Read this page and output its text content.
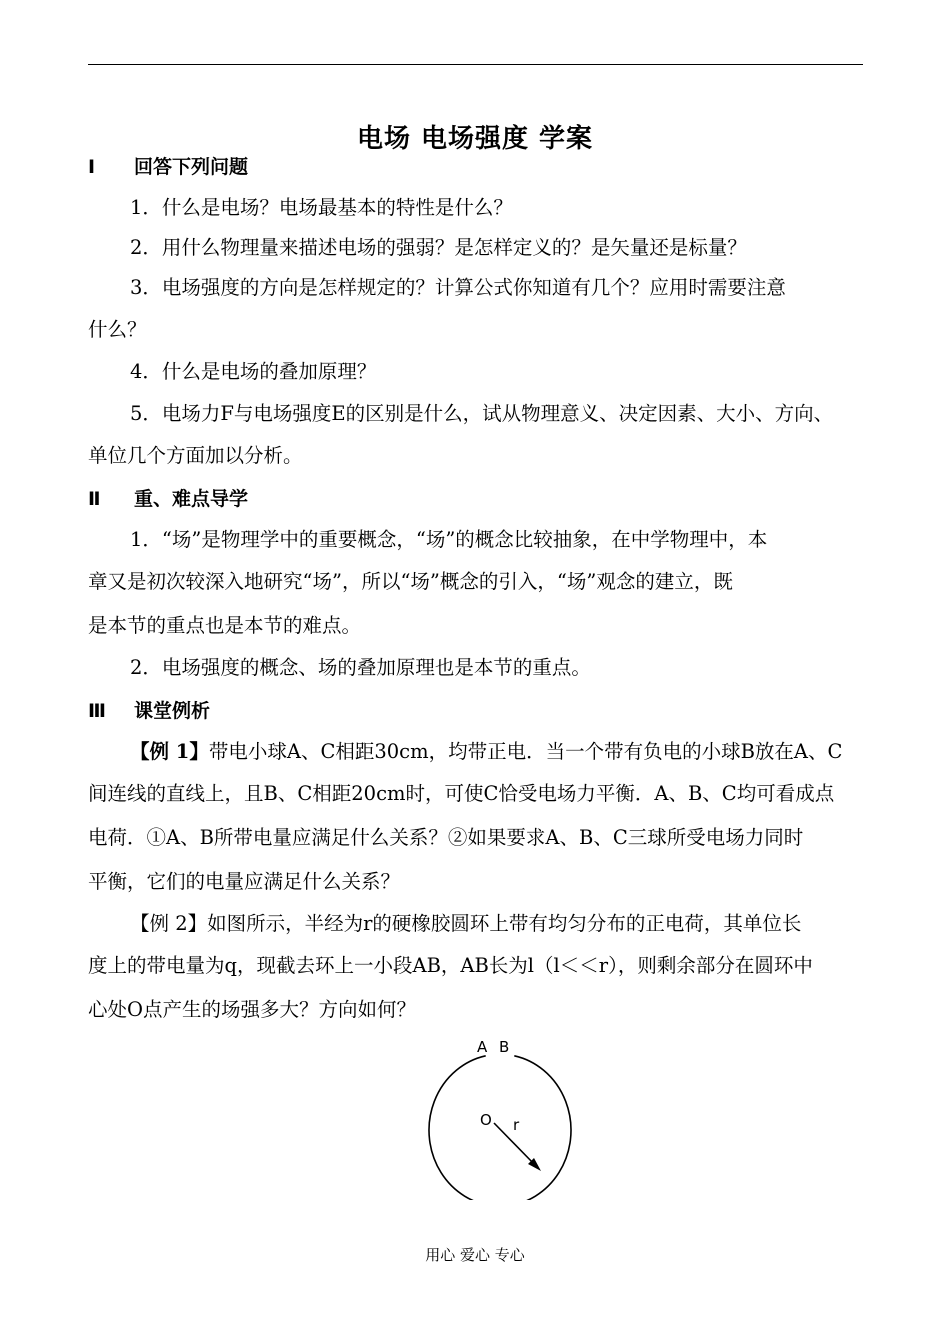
电场 电场强度 学案
Ⅰ 回答下列问题
1．什么是电场？电场最基本的特性是什么？
2．用什么物理量来描述电场的强弱？是怎样定义的？是矢量还是标量？
3．电场强度的方向是怎样规定的？计算公式你知道有几个？应用时需要注意
什么？
4．什么是电场的叠加原理？
5．电场力F与电场强度E的区别是什么，试从物理意义、决定因素、大小、方向、
单位几个方面加以分析。
Ⅱ 重、难点导学
1．“场”是物理学中的重要概念，“场”的概念比较抽象，在中学物理中，本
章又是初次较深入地研究“场”，所以“场”概念的引入，“场”观念的建立，既
是本节的重点也是本节的难点。
2．电场强度的概念、场的叠加原理也是本节的重点。
Ⅲ 课堂例析
【例 1】带电小球A、C相距30cm，均带正电．当一个带有负电的小球B放在A、C
间连线的直线上，且B、C相距20cm时，可使C恰受电场力平衡．A、B、C均可看成点
电荷．①A、B所带电量应满足什么关系？②如果要求A、B、C三球所受电场力同时
平衡，它们的电量应满足什么关系？
【例 2】如图所示，半经为r的硬橡胶圆环上带有均匀分布的正电荷，其单位长
度上的带电量为q，现截去环上一小段AB，AB长为l（l＜＜r），则剩余部分在圆环中
心处O点产生的场强多大？方向如何？
A B
O r
用心 爱心 专心
